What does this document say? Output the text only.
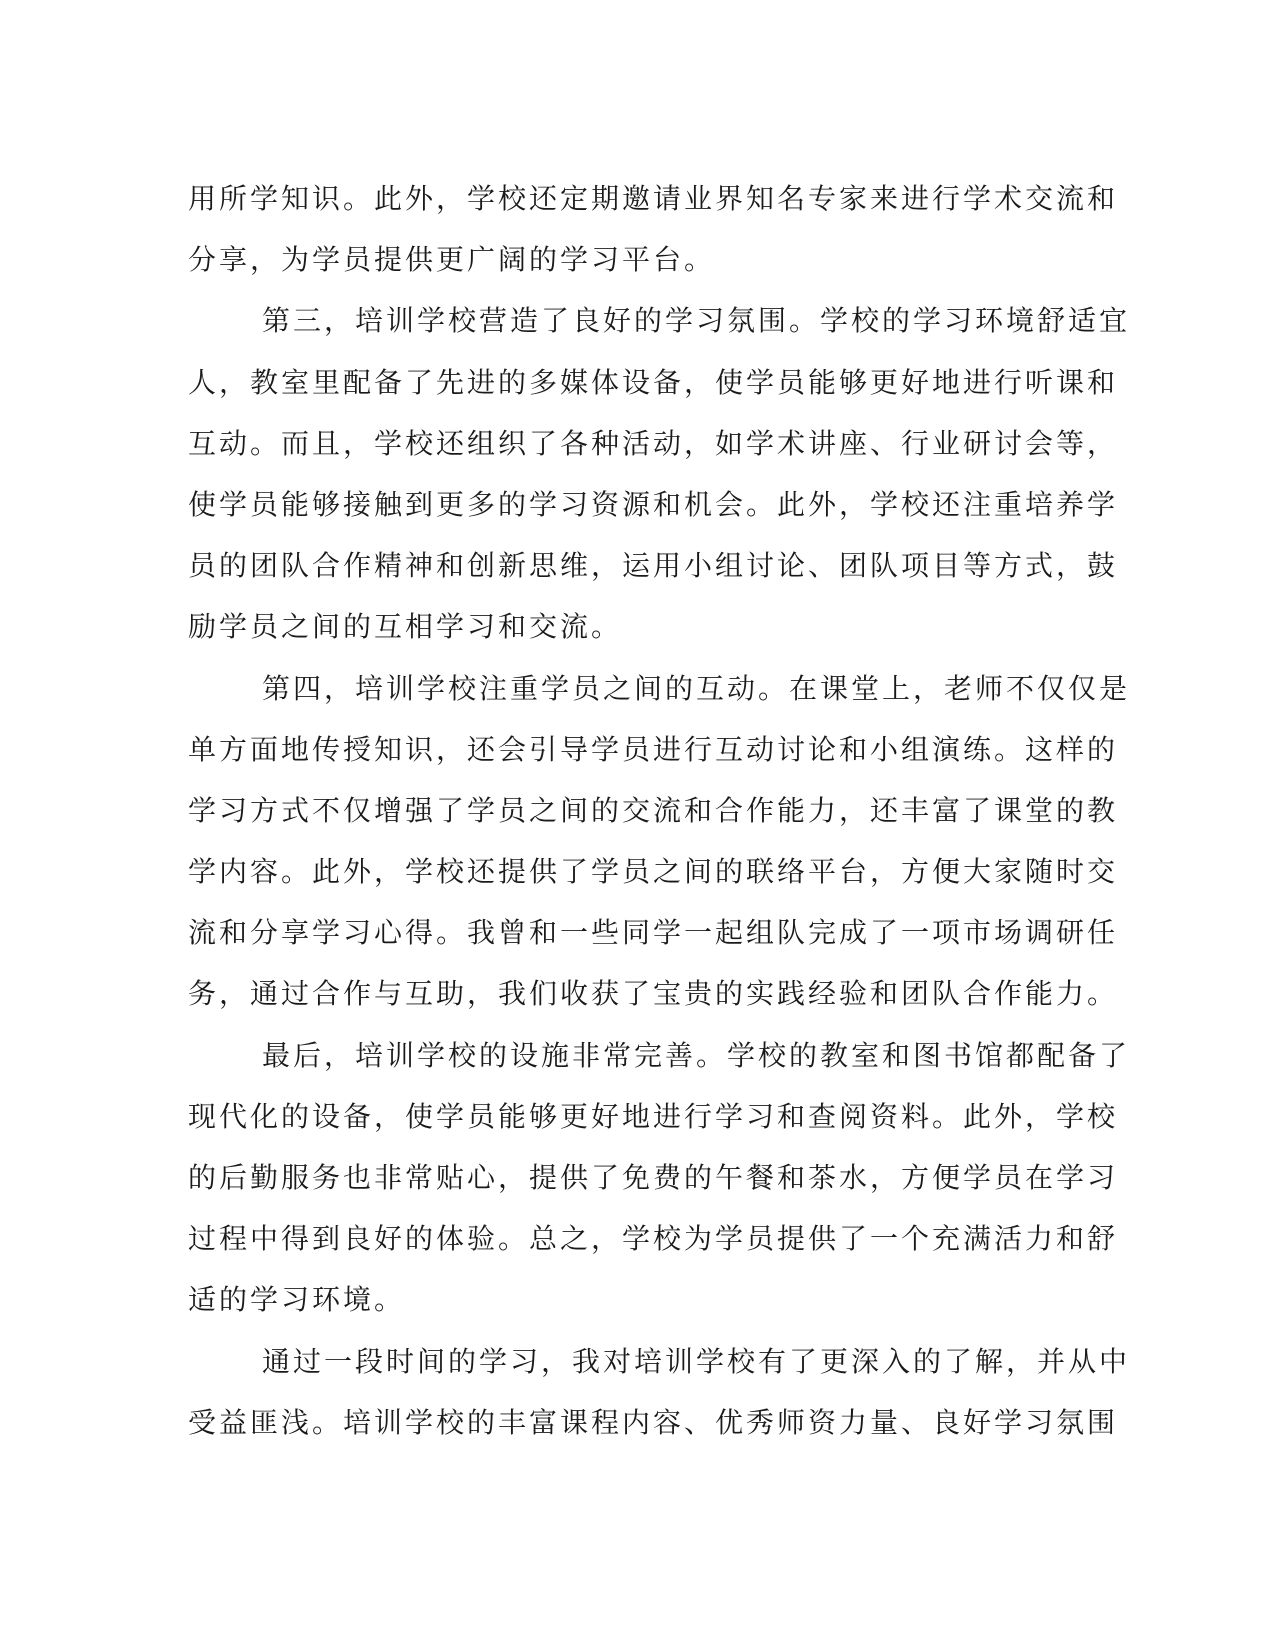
用所学知识。此外，学校还定期邀请业界知名专家来进行学术交流和
分享，为学员提供更广阔的学习平台。
第三，培训学校营造了良好的学习氛围。学校的学习环境舒适宜
人，教室里配备了先进的多媒体设备，使学员能够更好地进行听课和
互动。而且，学校还组织了各种活动，如学术讲座、行业研讨会等，
使学员能够接触到更多的学习资源和机会。此外，学校还注重培养学
员的团队合作精神和创新思维，运用小组讨论、团队项目等方式，鼓
励学员之间的互相学习和交流。
第四，培训学校注重学员之间的互动。在课堂上，老师不仅仅是
单方面地传授知识，还会引导学员进行互动讨论和小组演练。这样的
学习方式不仅增强了学员之间的交流和合作能力，还丰富了课堂的教
学内容。此外，学校还提供了学员之间的联络平台，方便大家随时交
流和分享学习心得。我曾和一些同学一起组队完成了一项市场调研任
务，通过合作与互助，我们收获了宝贵的实践经验和团队合作能力。
最后，培训学校的设施非常完善。学校的教室和图书馆都配备了
现代化的设备，使学员能够更好地进行学习和查阅资料。此外，学校
的后勤服务也非常贴心，提供了免费的午餐和茶水，方便学员在学习
过程中得到良好的体验。总之，学校为学员提供了一个充满活力和舒
适的学习环境。
通过一段时间的学习，我对培训学校有了更深入的了解，并从中
受益匪浅。培训学校的丰富课程内容、优秀师资力量、良好学习氛围
